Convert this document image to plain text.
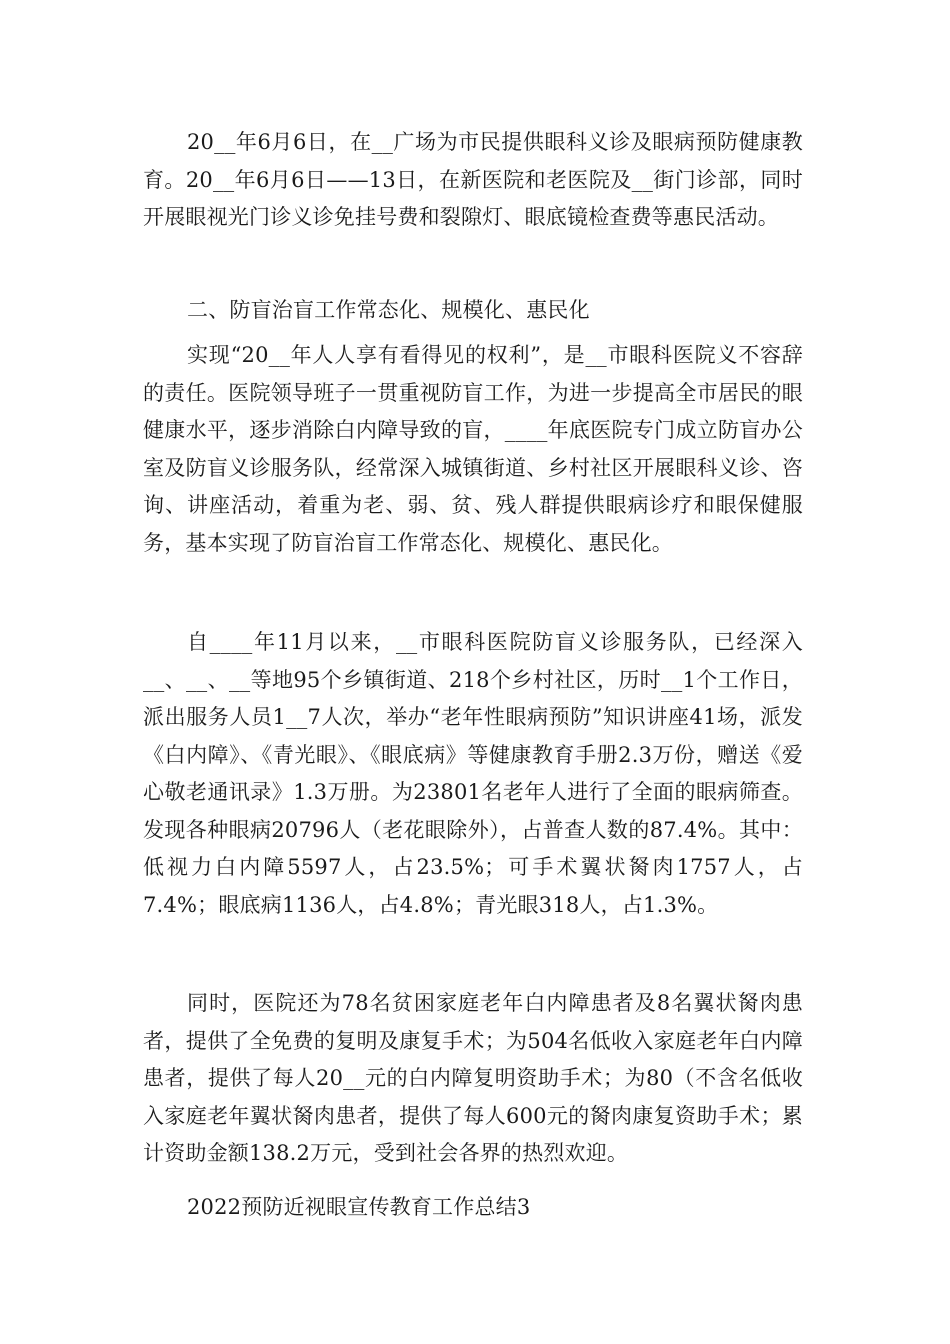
20__年6月6日，在__广场为市民提供眼科义诊及眼病预防健康教育。20__年6月6日——13日，在新医院和老医院及__街门诊部，同时开展眼视光门诊义诊免挂号费和裂隙灯、眼底镜检查费等惠民活动。

二、防盲治盲工作常态化、规模化、惠民化

实现“20__年人人享有看得见的权利”，是__市眼科医院义不容辞的责任。医院领导班子一贯重视防盲工作，为进一步提高全市居民的眼健康水平，逐步消除白内障导致的盲，____年底医院专门成立防盲办公室及防盲义诊服务队，经常深入城镇街道、乡村社区开展眼科义诊、咨询、讲座活动，着重为老、弱、贫、残人群提供眼病诊疗和眼保健服务，基本实现了防盲治盲工作常态化、规模化、惠民化。

自____年11月以来，__市眼科医院防盲义诊服务队，已经深入__、__、__等地95个乡镇街道、218个乡村社区，历时__1个工作日，派出服务人员1__7人次，举办“老年性眼病预防”知识讲座41场，派发《白内障》、《青光眼》、《眼底病》等健康教育手册2.3万份，赠送《爱心敬老通讯录》1.3万册。为23801名老年人进行了全面的眼病筛查。发现各种眼病20796人（老花眼除外），占普查人数的87.4%。其中：低视力白内障5597人，占23.5%；可手术翼状胬肉1757人，占7.4%；眼底病1136人，占4.8%；青光眼318人，占1.3%。

同时，医院还为78名贫困家庭老年白内障患者及8名翼状胬肉患者，提供了全免费的复明及康复手术；为504名低收入家庭老年白内障患者，提供了每人20__元的白内障复明资助手术；为80（不含名低收入家庭老年翼状胬肉患者，提供了每人600元的胬肉康复资助手术；累计资助金额138.2万元，受到社会各界的热烈欢迎。

2022预防近视眼宣传教育工作总结3
